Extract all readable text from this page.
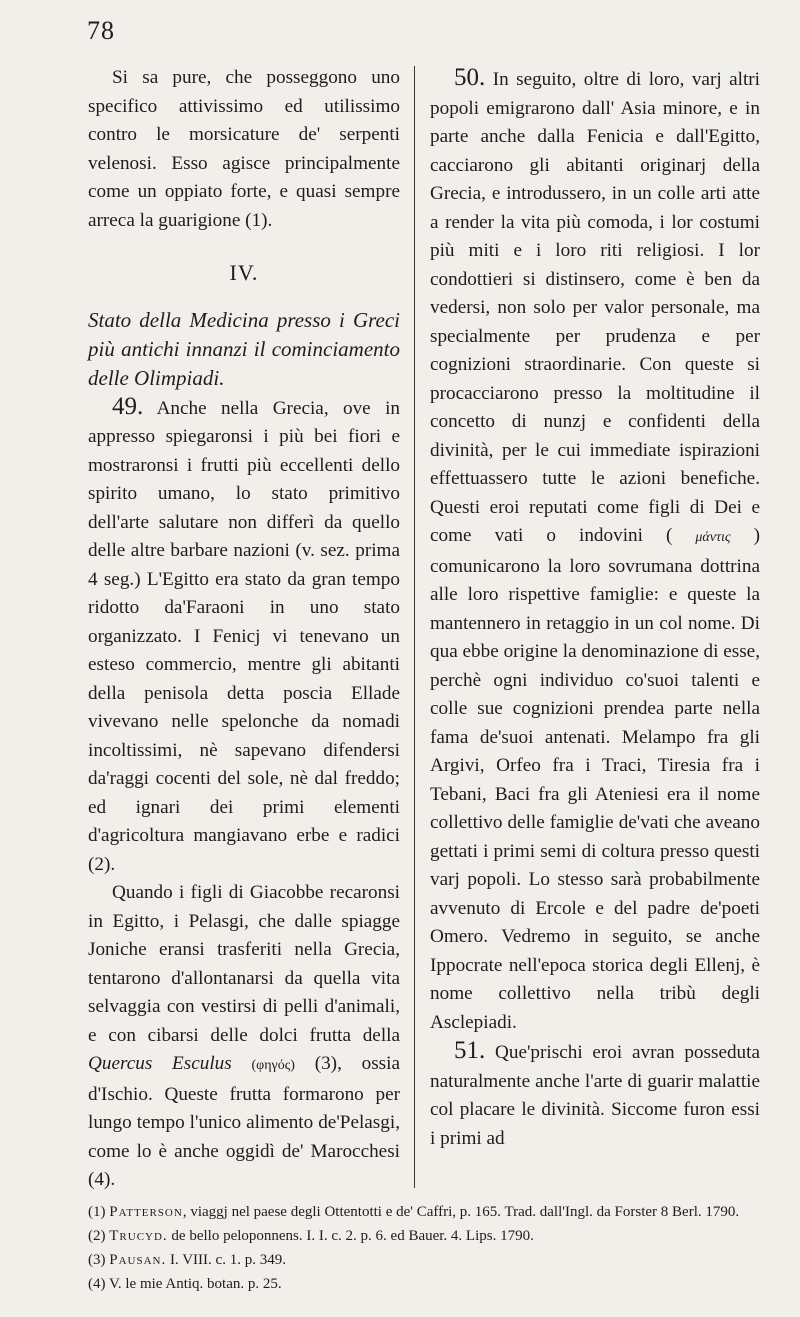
78

Si sa pure, che posseggono uno specifico attivissimo ed utilissimo contro le morsicature de' serpenti velenosi. Esso agisce principalmente come un oppiato forte, e quasi sempre arreca la guarigione (1).

IV.

Stato della Medicina presso i Greci più antichi innanzi il cominciamento delle Olimpiadi.

49. Anche nella Grecia, ove in appresso spiegaronsi i più bei fiori e mostraronsi i frutti più eccellenti dello spirito umano, lo stato primitivo dell'arte salutare non differì da quello delle altre barbare nazioni (v. sez. prima 4 seg.) L'Egitto era stato da gran tempo ridotto da'Faraoni in uno stato organizzato. I Fenicj vi tenevano un esteso commercio, mentre gli abitanti della penisola detta poscia Ellade vivevano nelle spelonche da nomadi incoltissimi, nè sapevano difendersi da'raggi cocenti del sole, nè dal freddo; ed ignari dei primi elementi d'agricoltura mangiavano erbe e radici (2).

Quando i figli di Giacobbe recaronsi in Egitto, i Pelasgi, che dalle spiagge Joniche eransi trasferiti nella Grecia, tentarono d'allontanarsi da quella vita selvaggia con vestirsi di pelli d'animali, e con cibarsi delle dolci frutta della Quercus Esculus (φηγός) (3), ossia d'Ischio. Queste frutta formarono per lungo tempo l'unico alimento de'Pelasgi, come lo è anche oggidì de' Marocchesi (4).

50. In seguito, oltre di loro, varj altri popoli emigrarono dall' Asia minore, e in parte anche dalla Fenicia e dall'Egitto, cacciarono gli abitanti originarj della Grecia, e introdussero, in un colle arti atte a render la vita più comoda, i lor costumi più miti e i loro riti religiosi. I lor condottieri si distinsero, come è ben da vedersi, non solo per valor personale, ma specialmente per prudenza e per cognizioni straordinarie. Con queste si procacciarono presso la moltitudine il concetto di nunzj e confidenti della divinità, per le cui immediate ispirazioni effettuassero tutte le azioni benefiche. Questi eroi reputati come figli di Dei e come vati o indovini ( μάντις ) comunicarono la loro sovrumana dottrina alle loro rispettive famiglie: e queste la mantennero in retaggio in un col nome. Di qua ebbe origine la denominazione di esse, perchè ogni individuo co'suoi talenti e colle sue cognizioni prendea parte nella fama de'suoi antenati. Melampo fra gli Argivi, Orfeo fra i Traci, Tiresia fra i Tebani, Baci fra gli Ateniesi era il nome collettivo delle famiglie de'vati che aveano gettati i primi semi di coltura presso questi varj popoli. Lo stesso sarà probabilmente avvenuto di Ercole e del padre de'poeti Omero. Vedremo in seguito, se anche Ippocrate nell'epoca storica degli Ellenj, è nome collettivo nella tribù degli Asclepiadi.

51. Que'prischi eroi avran posseduta naturalmente anche l'arte di guarir malattie col placare le divinità. Siccome furon essi i primi ad

(1) Patterson, viaggj nel paese degli Ottentotti e de' Caffri, p. 165. Trad. dall'Ingl. da Forster 8 Berl. 1790.

(2) Trucyd. de bello peloponnens. I. I. c. 2. p. 6. ed Bauer. 4. Lips. 1790.

(3) Pausan. I. VIII. c. 1. p. 349.

(4) V. le mie Antiq. botan. p. 25.
